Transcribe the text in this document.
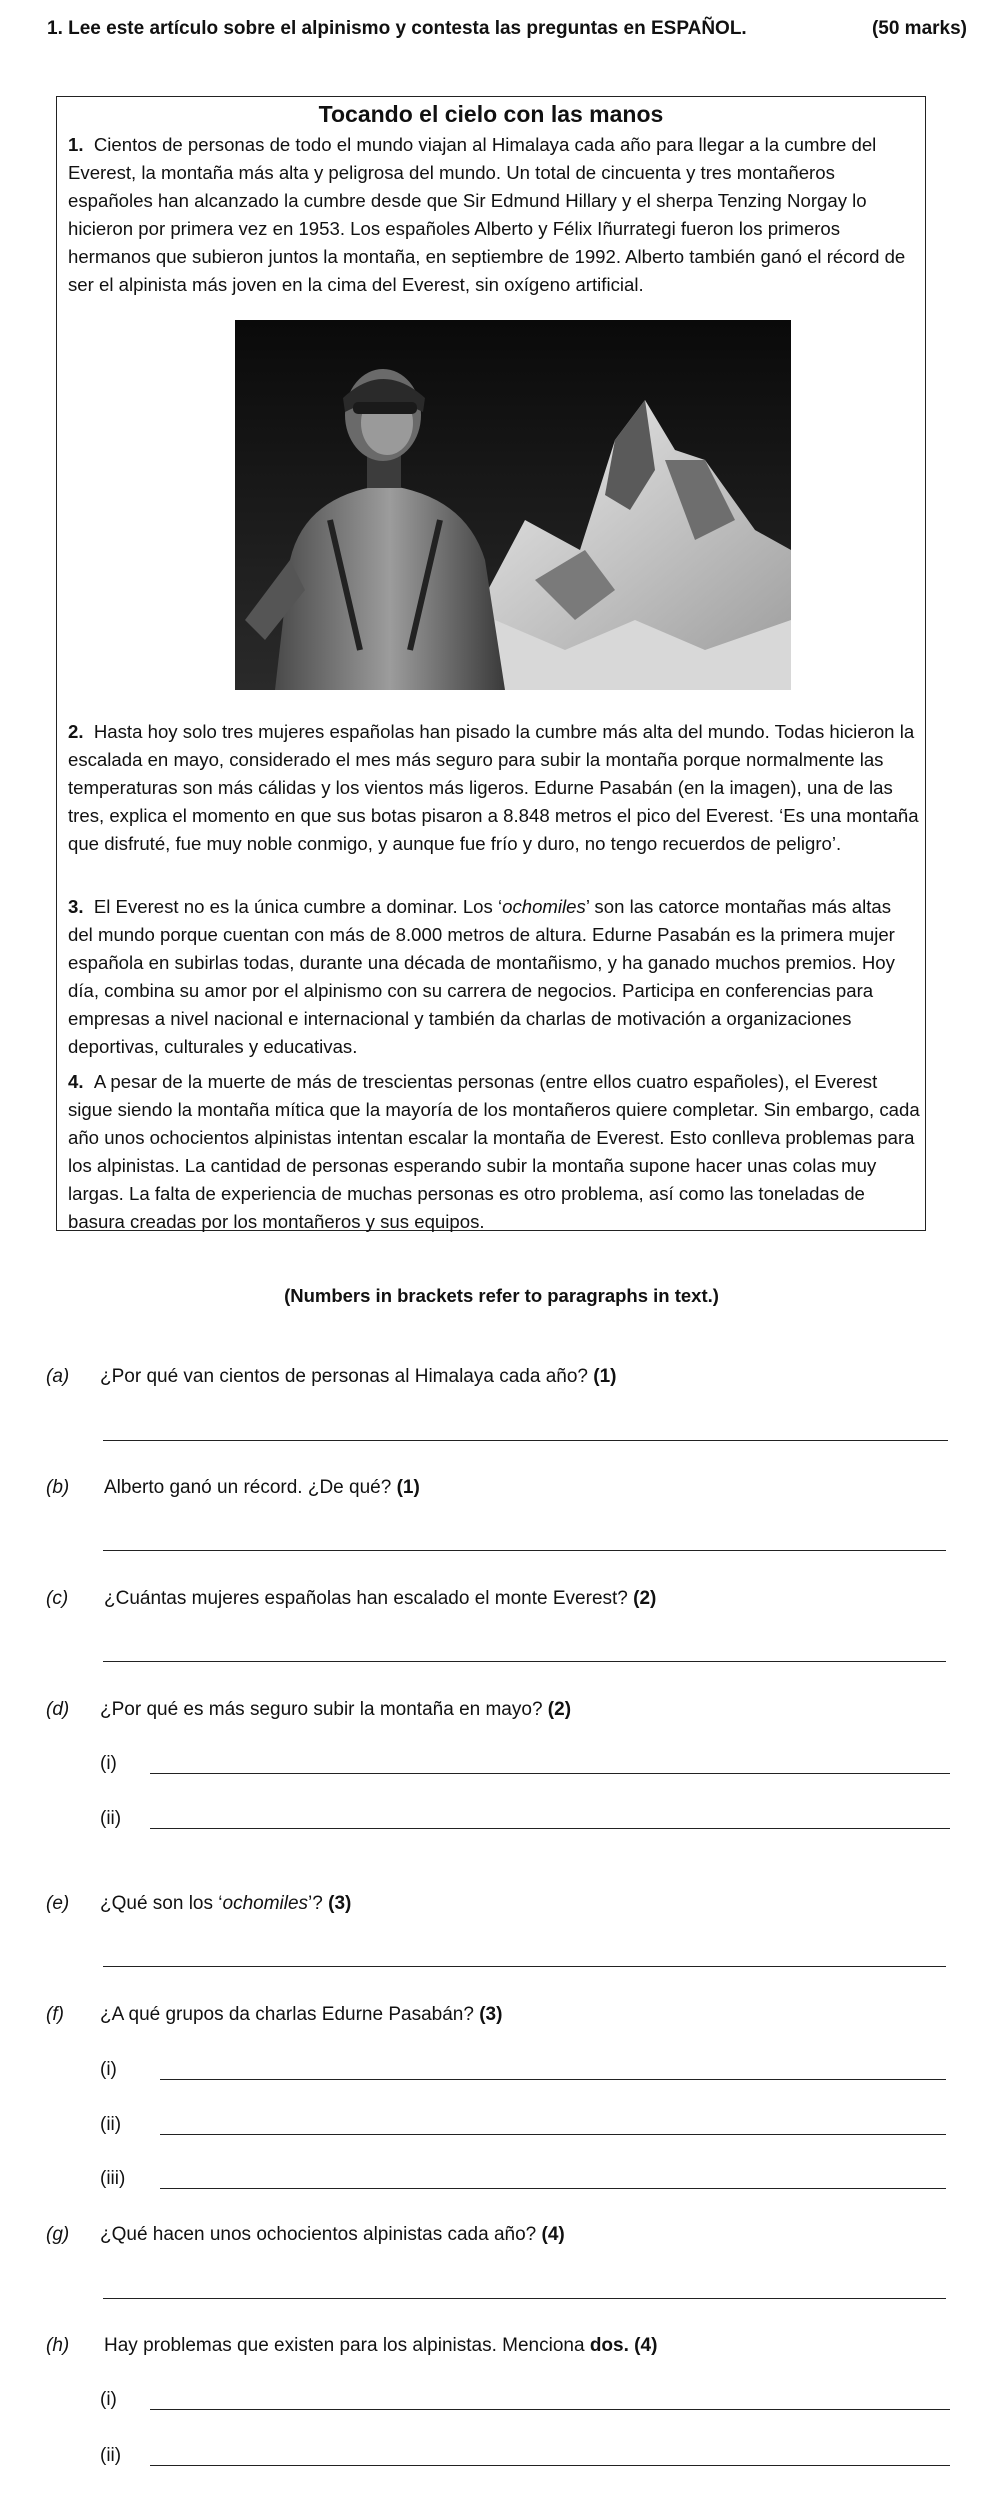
1. Lee este artículo sobre el alpinismo y contesta las preguntas en ESPAÑOL.	(50 marks)
Tocando el cielo con las manos

1. Cientos de personas de todo el mundo viajan al Himalaya cada año para llegar a la cumbre del Everest, la montaña más alta y peligrosa del mundo. Un total de cincuenta y tres montañeros españoles han alcanzado la cumbre desde que Sir Edmund Hillary y el sherpa Tenzing Norgay lo hicieron por primera vez en 1953. Los españoles Alberto y Félix Iñurrategi fueron los primeros hermanos que subieron juntos la montaña, en septiembre de 1992. Alberto también ganó el récord de ser el alpinista más joven en la cima del Everest, sin oxígeno artificial.

2. Hasta hoy solo tres mujeres españolas han pisado la cumbre más alta del mundo. Todas hicieron la escalada en mayo, considerado el mes más seguro para subir la montaña porque normalmente las temperaturas son más cálidas y los vientos más ligeros. Edurne Pasabán (en la imagen), una de las tres, explica el momento en que sus botas pisaron a 8.848 metros el pico del Everest. ‘Es una montaña que disfruté, fue muy noble conmigo, y aunque fue frío y duro, no tengo recuerdos de peligro’.

3. El Everest no es la única cumbre a dominar. Los ‘ochomiles’ son las catorce montañas más altas del mundo porque cuentan con más de 8.000 metros de altura. Edurne Pasabán es la primera mujer española en subirlas todas, durante una década de montañismo, y ha ganado muchos premios. Hoy día, combina su amor por el alpinismo con su carrera de negocios. Participa en conferencias para empresas a nivel nacional e internacional y también da charlas de motivación a organizaciones deportivas, culturales y educativas.

4. A pesar de la muerte de más de trescientas personas (entre ellos cuatro españoles), el Everest sigue siendo la montaña mítica que la mayoría de los montañeros quiere completar. Sin embargo, cada año unos ochocientos alpinistas intentan escalar la montaña de Everest. Esto conlleva problemas para los alpinistas. La cantidad de personas esperando subir la montaña supone hacer unas colas muy largas. La falta de experiencia de muchas personas es otro problema, así como las toneladas de basura creadas por los montañeros y sus equipos.

(Numbers in brackets refer to paragraphs in text.)
(a) ¿Por qué van cientos de personas al Himalaya cada año? (1)
(b) Alberto ganó un récord. ¿De qué? (1)
(c) ¿Cuántas mujeres españolas han escalado el monte Everest? (2)
(d) ¿Por qué es más seguro subir la montaña en mayo? (2)
(i)
(ii)
(e) ¿Qué son los ‘ochomiles’? (3)
(f) ¿A qué grupos da charlas Edurne Pasabán? (3)
(i)
(ii)
(iii)
(g) ¿Qué hacen unos ochocientos alpinistas cada año? (4)
(h) Hay problemas que existen para los alpinistas. Menciona dos. (4)
(i)
(ii)
